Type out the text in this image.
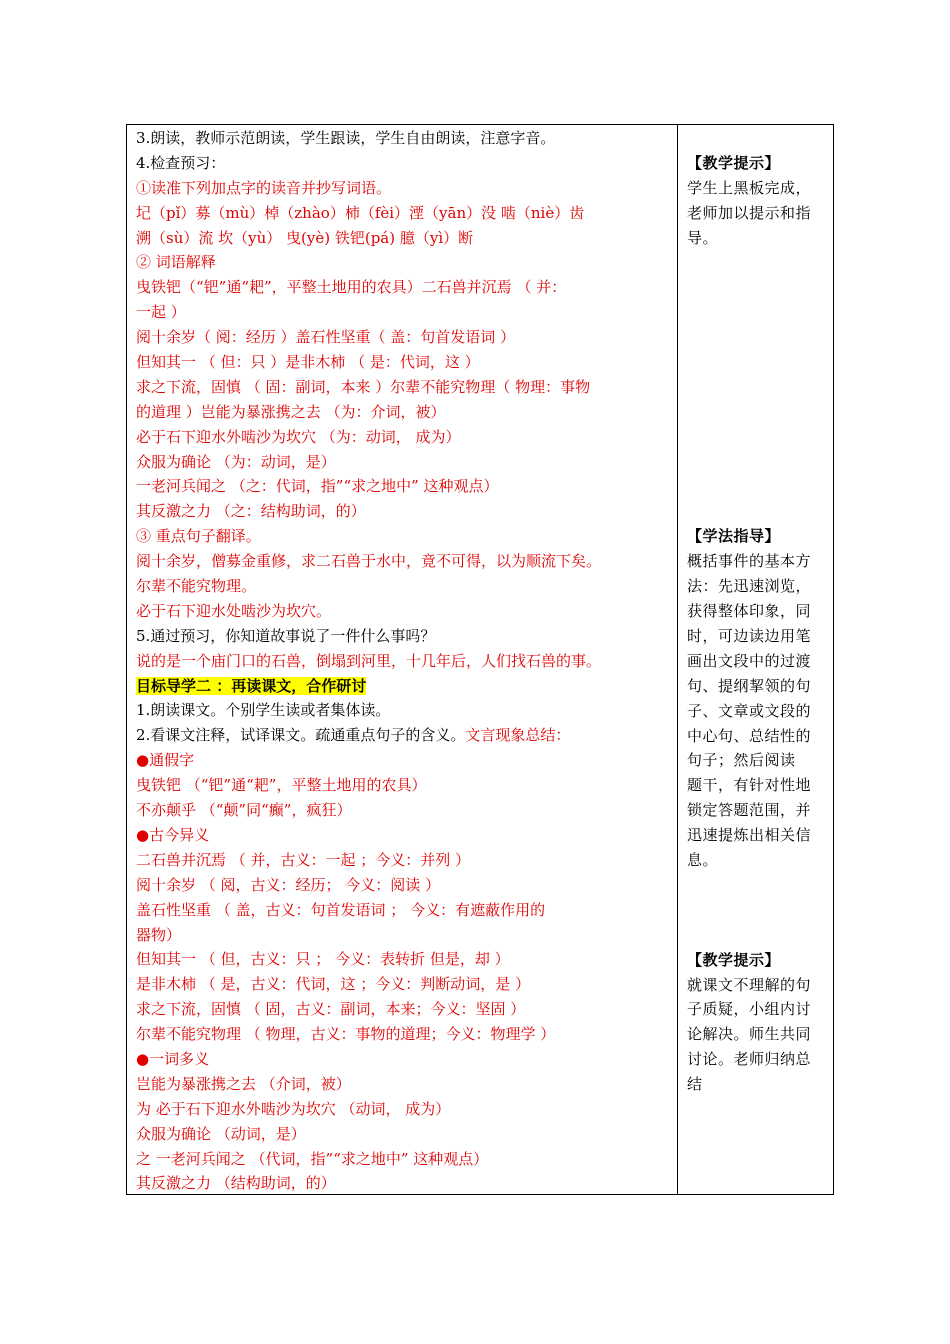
3.朗读，教师示范朗读，学生跟读，学生自由朗读，注意字音。
4.检查预习：
①读准下列加点字的读音并抄写词语。
圮（pǐ）募（mù）棹（zhào）柿（fèi）湮（yān）没 啮（niè）齿
溯（sù）流 坎（yù） 曳(yè) 铁钯(pá) 臆（yì）断
② 词语解释
曳铁钯（“钯”通“耙”，平整土地用的农具）二石兽并沉焉 （ 并：
一起 ）
阅十余岁（ 阅：经历 ）盖石性坚重（ 盖：句首发语词 ）
但知其一 （ 但：只 ）是非木柿 （ 是：代词，这 ）
求之下流，固慎 （ 固：副词，本来 ）尔辈不能究物理（ 物理：事物
的道理 ）岂能为暴涨携之去 （为：介词，被）
必于石下迎水外啮沙为坎穴 （为：动词， 成为）
众服为确论 （为：动词，是）
一老河兵闻之 （之：代词，指”“求之地中” 这种观点）
其反激之力 （之：结构助词，的）
③ 重点句子翻译。
阅十余岁，僧募金重修，求二石兽于水中，竟不可得，以为顺流下矣。
尔辈不能究物理。
必于石下迎水处啮沙为坎穴。
5.通过预习，你知道故事说了一件什么事吗？
说的是一个庙门口的石兽，倒塌到河里，十几年后，人们找石兽的事。
目标导学二 ：再读课文，合作研讨
1.朗读课文。个别学生读或者集体读。
2.看课文注释，试译课文。疏通重点句子的含义。文言现象总结：
●通假字
曳铁钯 （“钯”通“耙”，平整土地用的农具）
不亦颠乎 （“颠”同“癫”，疯狂）
●古今异义
二石兽并沉焉 （ 并，古义：一起 ；今义：并列 ）
阅十余岁 （ 阅，古义：经历； 今义：阅读 ）
盖石性坚重 （ 盖，古义：句首发语词 ； 今义：有遮蔽作用的
器物）
但知其一 （ 但，古义：只 ； 今义：表转折 但是，却 ）
是非木柿 （ 是，古义：代词，这 ；今义：判断动词，是 ）
求之下流，固慎 （ 固，古义：副词，本来；今义：坚固 ）
尔辈不能究物理 （ 物理，古义：事物的道理；今义：物理学 ）
●一词多义
岂能为暴涨携之去 （介词，被）
为 必于石下迎水外啮沙为坎穴 （动词， 成为）
众服为确论 （动词，是）
之 一老河兵闻之 （代词，指”“求之地中” 这种观点）
其反激之力 （结构助词，的）
【教学提示】
学生上黑板完成，
老师加以提示和指
导。
【学法指导】
概括事件的基本方
法：先迅速浏览，
获得整体印象，同
时，可边读边用笔
画出文段中的过渡
句、提纲挈领的句
子、文章或文段的
中心句、总结性的
句子；然后阅读
题干，有针对性地
锁定答题范围，并
迅速提炼出相关信
息。
【教学提示】
就课文不理解的句
子质疑，小组内讨
论解决。师生共同
讨论。老师归纳总
结
